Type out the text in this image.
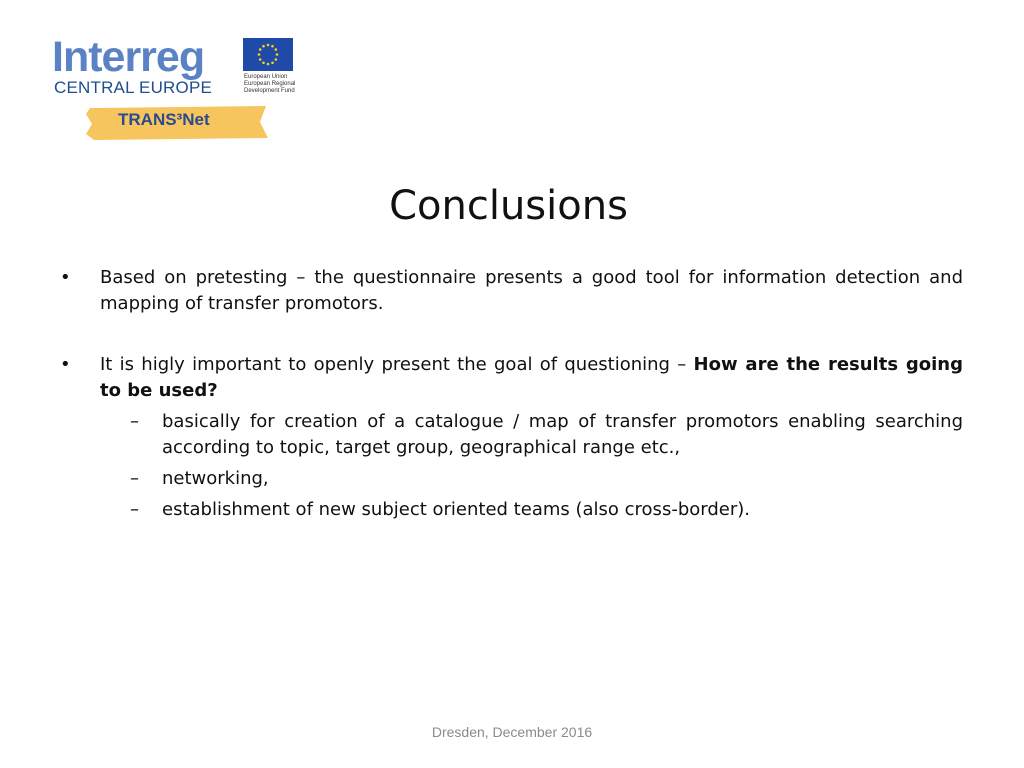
Interreg
CENTRAL EUROPE
European Union
European Regional
Development Fund
TRANS³Net
Conclusions
• Based on pretesting – the questionnaire presents a good tool for information detection and mapping of transfer promotors.
• It is higly important to openly present the goal of questioning – How are the results going to be used?
– basically for creation of a catalogue / map of transfer promotors enabling searching according to topic, target group, geographical range etc.,
– networking,
– establishment of new subject oriented teams (also cross-border).
Dresden, December 2016
